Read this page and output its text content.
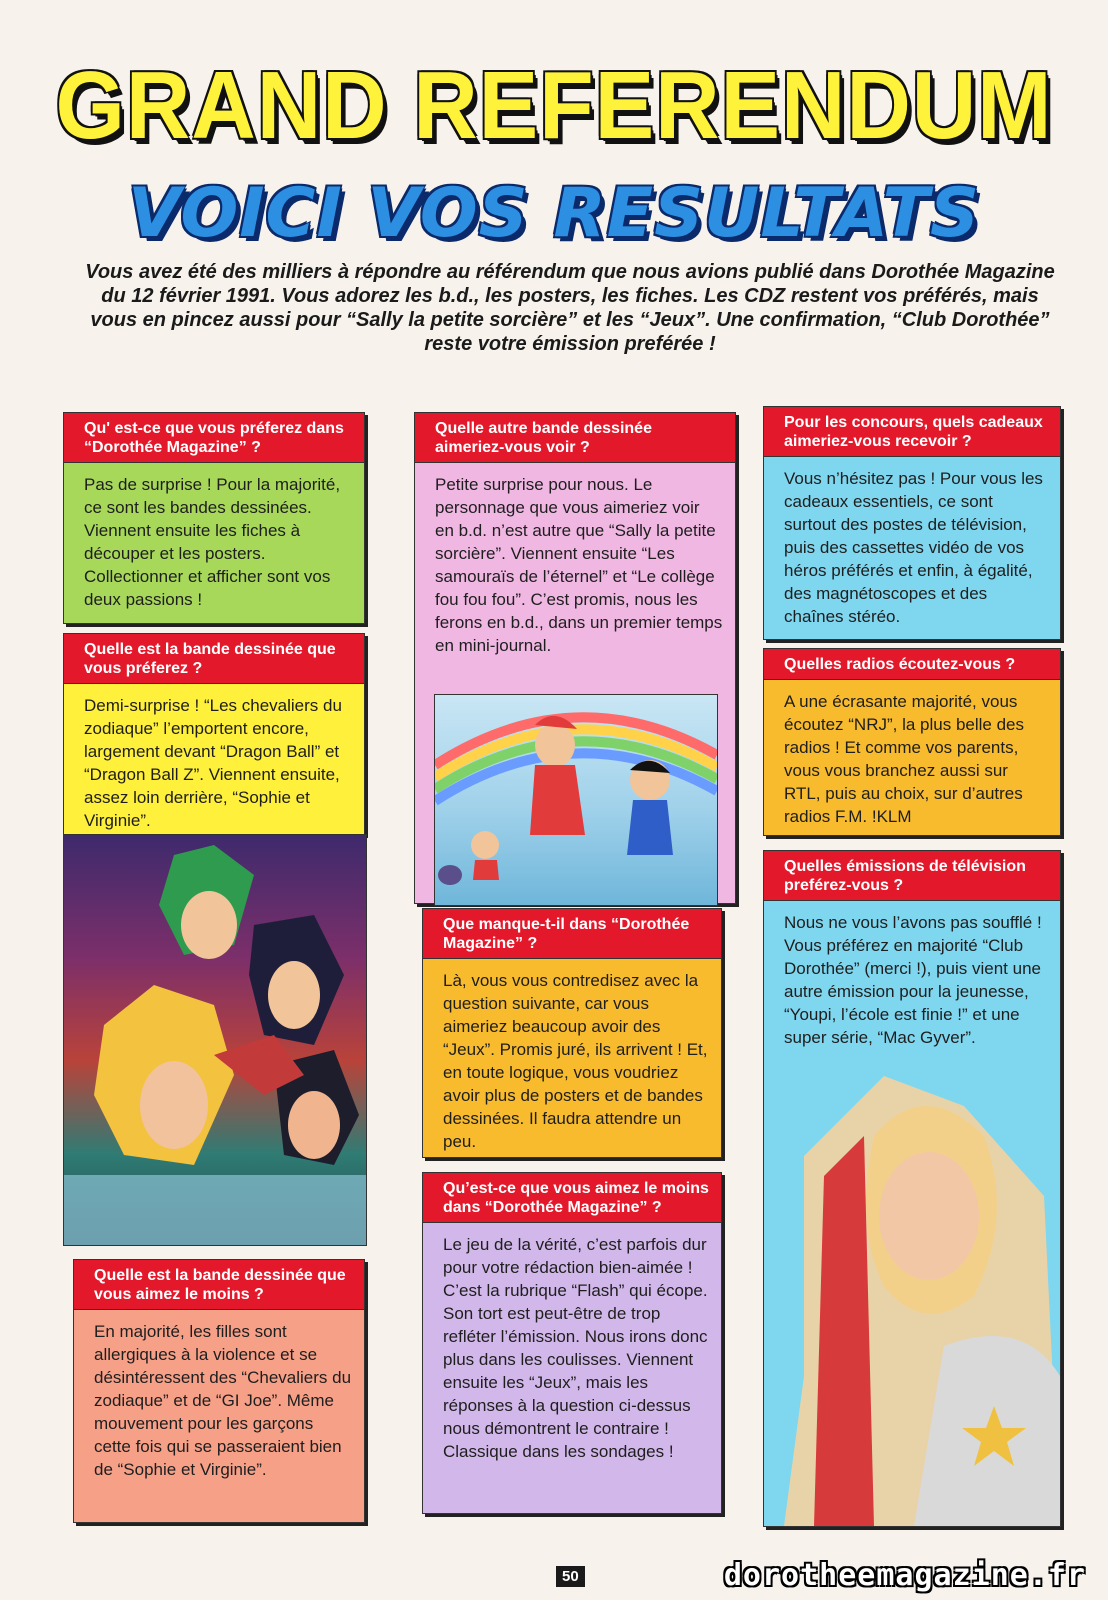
GRAND REFERENDUM
VOICI VOS RESULTATS
Vous avez été des milliers à répondre au référendum que nous avions publié dans Dorothée Magazine du 12 février 1991. Vous adorez les b.d., les posters, les fiches. Les CDZ restent vos préférés, mais vous en pincez aussi pour “Sally la petite sorcière” et les “Jeux”. Une confirmation, “Club Dorothée” reste votre émission preférée !
Qu' est-ce que vous préferez dans “Dorothée Magazine” ?
Pas de surprise ! Pour la majorité, ce sont les bandes dessinées. Viennent ensuite les fiches à découper et les posters. Collectionner et afficher sont vos deux passions !
Quelle est la bande dessinée que vous préferez ?
Demi-surprise ! “Les chevaliers du zodiaque” l’emportent encore, largement devant “Dragon Ball” et “Dragon Ball Z”. Viennent ensuite, assez loin derrière, “Sophie et Virginie”.
Quelle est la bande dessinée que vous aimez le moins ?
En majorité, les filles sont allergiques à la violence et se désintéressent des “Chevaliers du zodiaque” et de “GI Joe”. Même mouvement pour les garçons cette fois qui se passeraient bien de “Sophie et Virginie”.
Quelle autre bande dessinée aimeriez-vous voir ?
Petite surprise pour nous. Le personnage que vous aimeriez voir en b.d. n’est autre que “Sally la petite sorcière”. Viennent ensuite “Les samouraïs de l’éternel” et “Le collège fou fou fou”. C’est promis, nous les ferons en b.d., dans un premier temps en mini-journal.
Que manque-t-il dans “Dorothée Magazine” ?
Là, vous vous contredisez avec la question suivante, car vous aimeriez beaucoup avoir des “Jeux”. Promis juré, ils arrivent ! Et, en toute logique, vous voudriez avoir plus de posters et de bandes dessinées. Il faudra attendre un peu.
Qu’est-ce que vous aimez le moins dans “Dorothée Magazine” ?
Le jeu de la vérité, c’est parfois dur pour votre rédaction bien-aimée ! C’est la rubrique “Flash” qui écope. Son tort est peut-être de trop refléter l’émission. Nous irons donc plus dans les coulisses. Viennent ensuite les “Jeux”, mais les réponses à la question ci-dessus nous démontrent le contraire ! Classique dans les sondages !
Pour les concours, quels cadeaux aimeriez-vous recevoir ?
Vous n’hésitez pas ! Pour vous les cadeaux essentiels, ce sont surtout des postes de télévision, puis des cassettes vidéo de vos héros préférés et enfin, à égalité, des magnétoscopes et des chaînes stéréo.
Quelles radios écoutez-vous ?
A une écrasante majorité, vous écoutez “NRJ”, la plus belle des radios ! Et comme vos parents, vous vous branchez aussi sur RTL, puis au choix, sur d’autres radios F.M. !KLM
Quelles émissions de télévision preférez-vous ?
Nous ne vous l’avons pas soufflé ! Vous préférez en majorité “Club Dorothée” (merci !), puis vient une autre émission pour la jeunesse, “Youpi, l’école est finie !” et une super série, “Mac Gyver”.
50	dorotheemagazine.fr
